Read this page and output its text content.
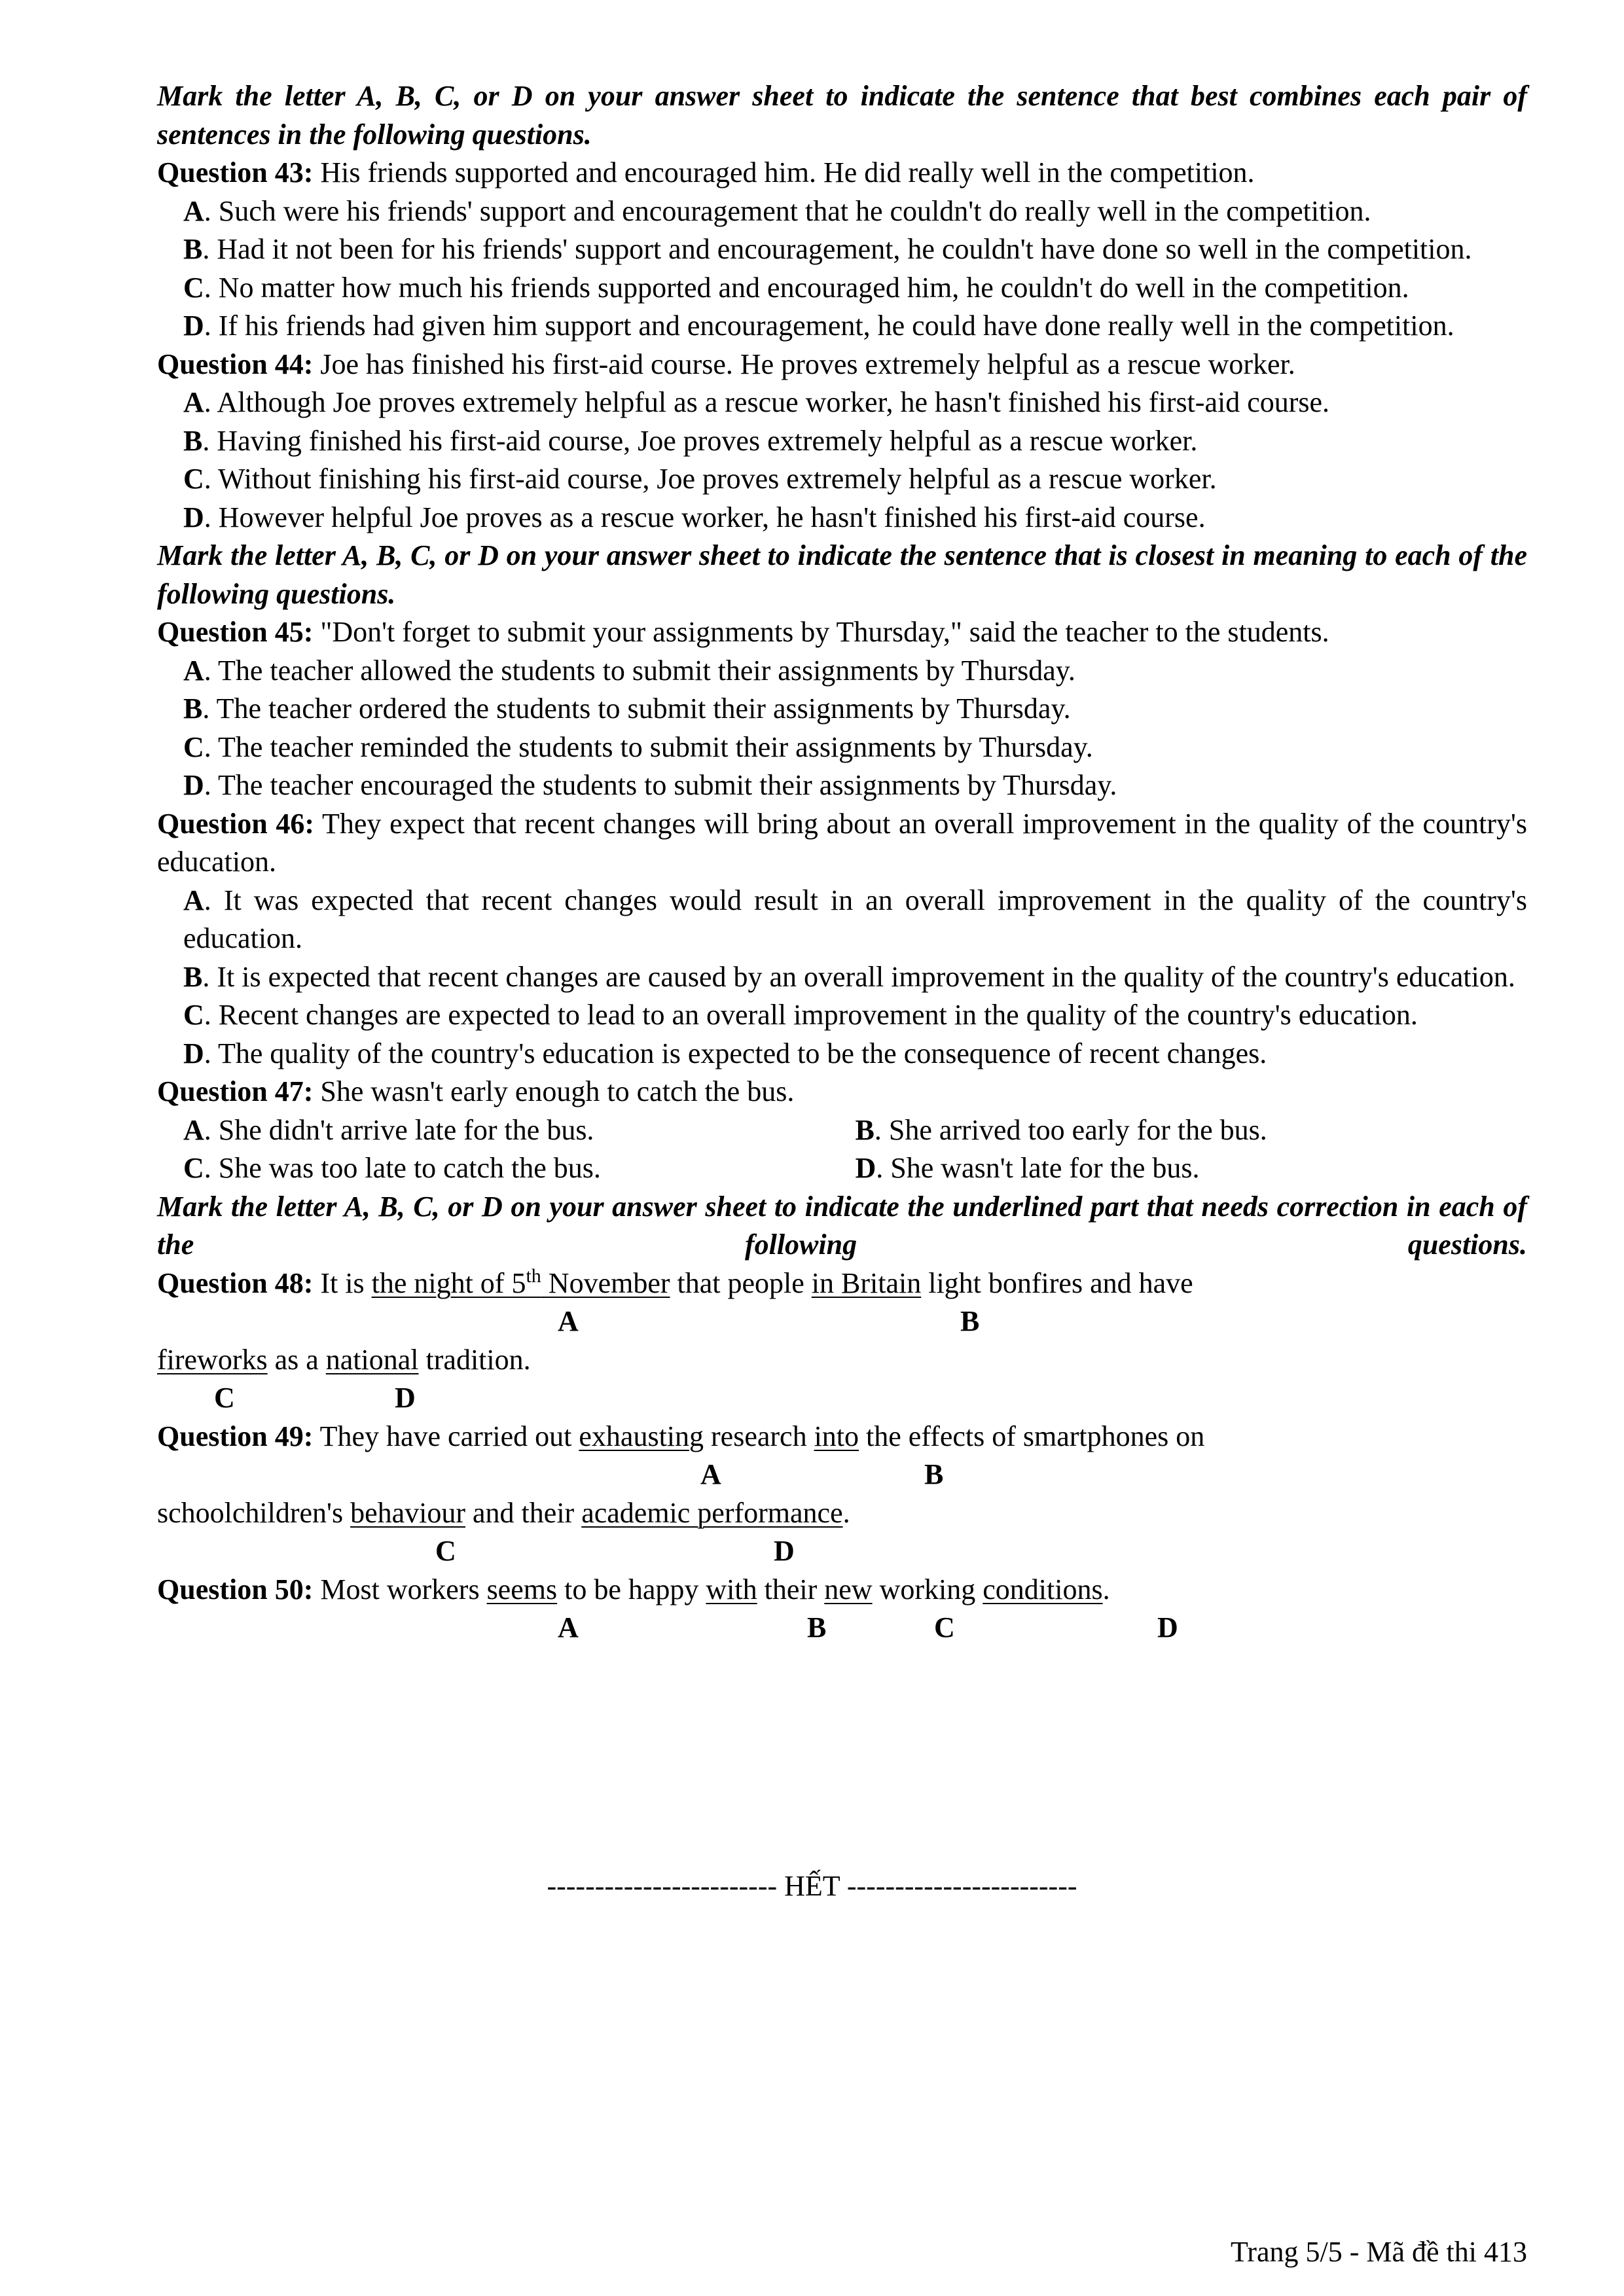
Mark the letter A, B, C, or D on your answer sheet to indicate the sentence that best combines each pair of sentences in the following questions.

Question 43: His friends supported and encouraged him. He did really well in the competition.

A. Such were his friends' support and encouragement that he couldn't do really well in the competition.

B. Had it not been for his friends' support and encouragement, he couldn't have done so well in the competition.

C. No matter how much his friends supported and encouraged him, he couldn't do well in the competition.

D. If his friends had given him support and encouragement, he could have done really well in the competition.

Question 44: Joe has finished his first-aid course. He proves extremely helpful as a rescue worker.

A. Although Joe proves extremely helpful as a rescue worker, he hasn't finished his first-aid course.

B. Having finished his first-aid course, Joe proves extremely helpful as a rescue worker.

C. Without finishing his first-aid course, Joe proves extremely helpful as a rescue worker.

D. However helpful Joe proves as a rescue worker, he hasn't finished his first-aid course.

Mark the letter A, B, C, or D on your answer sheet to indicate the sentence that is closest in meaning to each of the following questions.

Question 45: "Don't forget to submit your assignments by Thursday," said the teacher to the students.

A. The teacher allowed the students to submit their assignments by Thursday.

B. The teacher ordered the students to submit their assignments by Thursday.

C. The teacher reminded the students to submit their assignments by Thursday.

D. The teacher encouraged the students to submit their assignments by Thursday.

Question 46: They expect that recent changes will bring about an overall improvement in the quality of the country's education.

A. It was expected that recent changes would result in an overall improvement in the quality of the country's education.

B. It is expected that recent changes are caused by an overall improvement in the quality of the country's education.

C. Recent changes are expected to lead to an overall improvement in the quality of the country's education.

D. The quality of the country's education is expected to be the consequence of recent changes.

Question 47: She wasn't early enough to catch the bus.

A. She didn't arrive late for the bus.	B. She arrived too early for the bus.
C. She was too late to catch the bus.	D. She wasn't late for the bus.

Mark the letter A, B, C, or D on your answer sheet to indicate the underlined part that needs correction in each of the following questions.

Question 48: It is the night of 5th November that people in Britain light bonfires and have

A	B

fireworks as a national tradition.

C	D

Question 49: They have carried out exhausting research into the effects of smartphones on

A	B

schoolchildren's behaviour and their academic performance.

C	D

Question 50: Most workers seems to be happy with their new working conditions.

A	B	C	D
------------------------ HẾT ------------------------
Trang 5/5 - Mã đề thi 413
